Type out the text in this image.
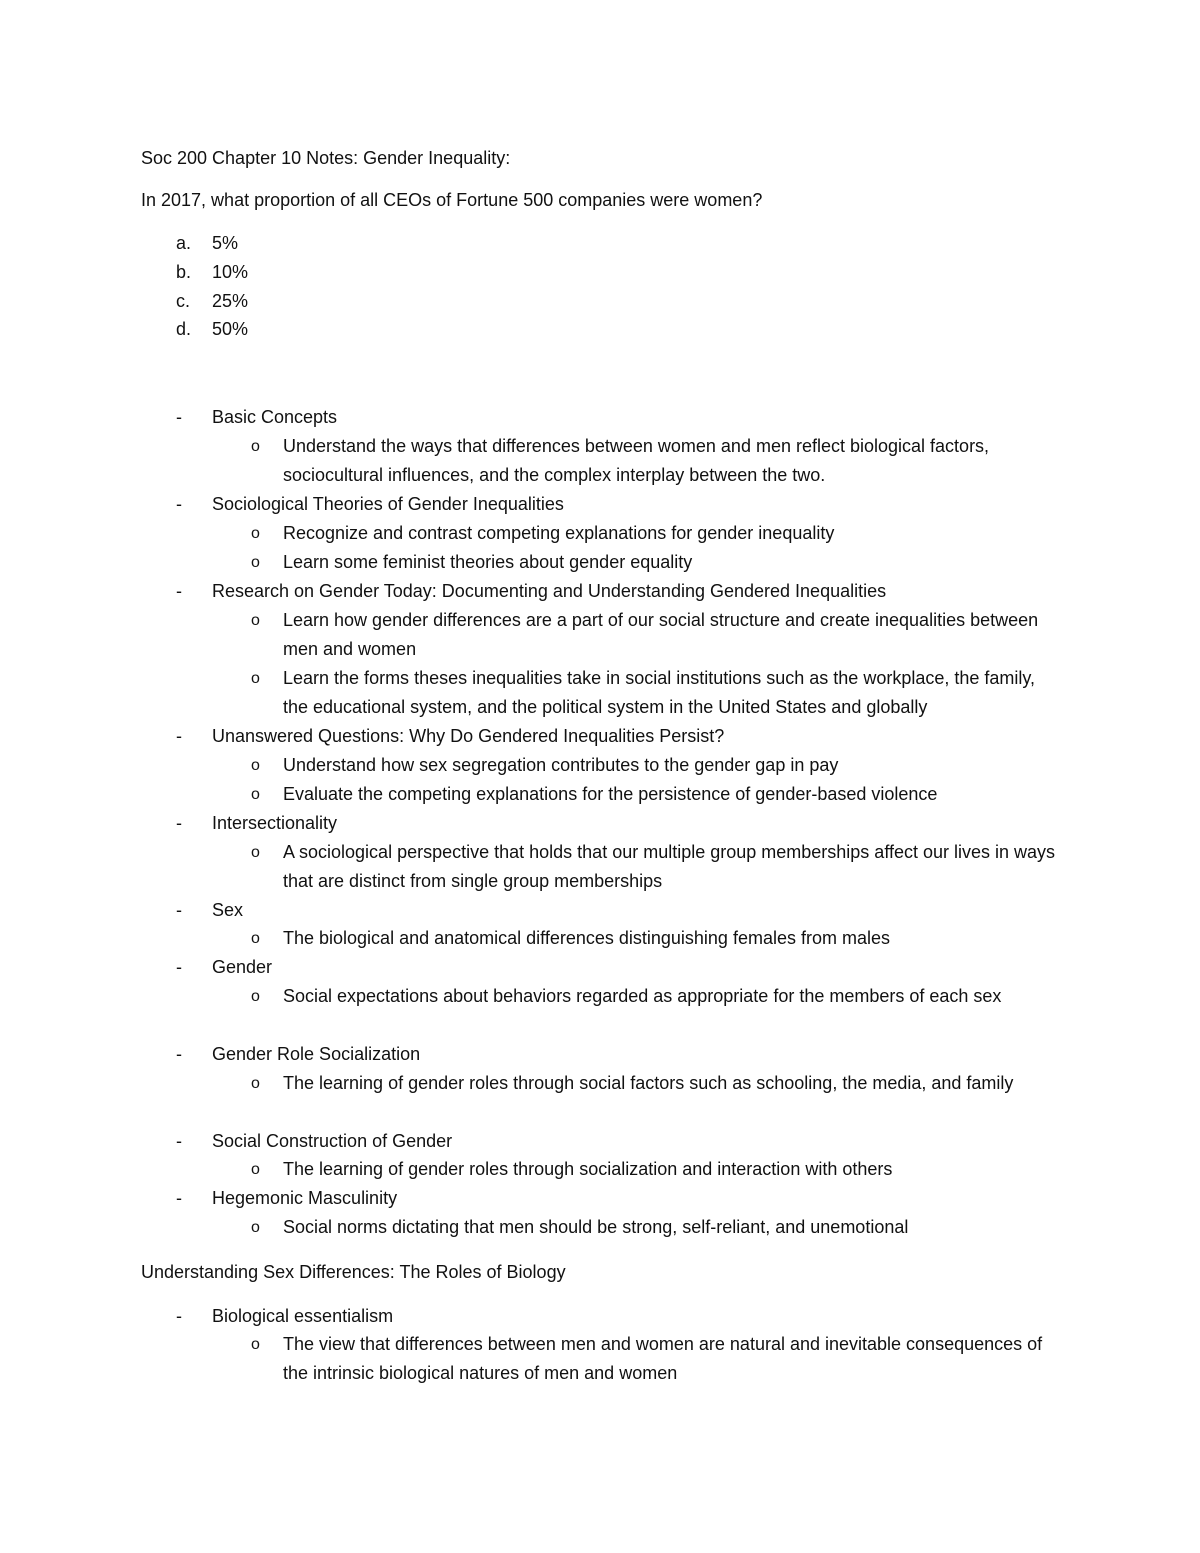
Soc 200 Chapter 10 Notes: Gender Inequality:
In 2017, what proportion of all CEOs of Fortune 500 companies were women?
a. 5%
b. 10%
c. 25%
d. 50%
- Basic Concepts
o Understand the ways that differences between women and men reflect biological factors, sociocultural influences, and the complex interplay between the two.
- Sociological Theories of Gender Inequalities
o Recognize and contrast competing explanations for gender inequality
o Learn some feminist theories about gender equality
- Research on Gender Today: Documenting and Understanding Gendered Inequalities
o Learn how gender differences are a part of our social structure and create inequalities between men and women
o Learn the forms theses inequalities take in social institutions such as the workplace, the family, the educational system, and the political system in the United States and globally
- Unanswered Questions: Why Do Gendered Inequalities Persist?
o Understand how sex segregation contributes to the gender gap in pay
o Evaluate the competing explanations for the persistence of gender-based violence
- Intersectionality
o A sociological perspective that holds that our multiple group memberships affect our lives in ways that are distinct from single group memberships
- Sex
o The biological and anatomical differences distinguishing females from males
- Gender
o Social expectations about behaviors regarded as appropriate for the members of each sex
- Gender Role Socialization
o The learning of gender roles through social factors such as schooling, the media, and family
- Social Construction of Gender
o The learning of gender roles through socialization and interaction with others
- Hegemonic Masculinity
o Social norms dictating that men should be strong, self-reliant, and unemotional
Understanding Sex Differences: The Roles of Biology
- Biological essentialism
o The view that differences between men and women are natural and inevitable consequences of the intrinsic biological natures of men and women
